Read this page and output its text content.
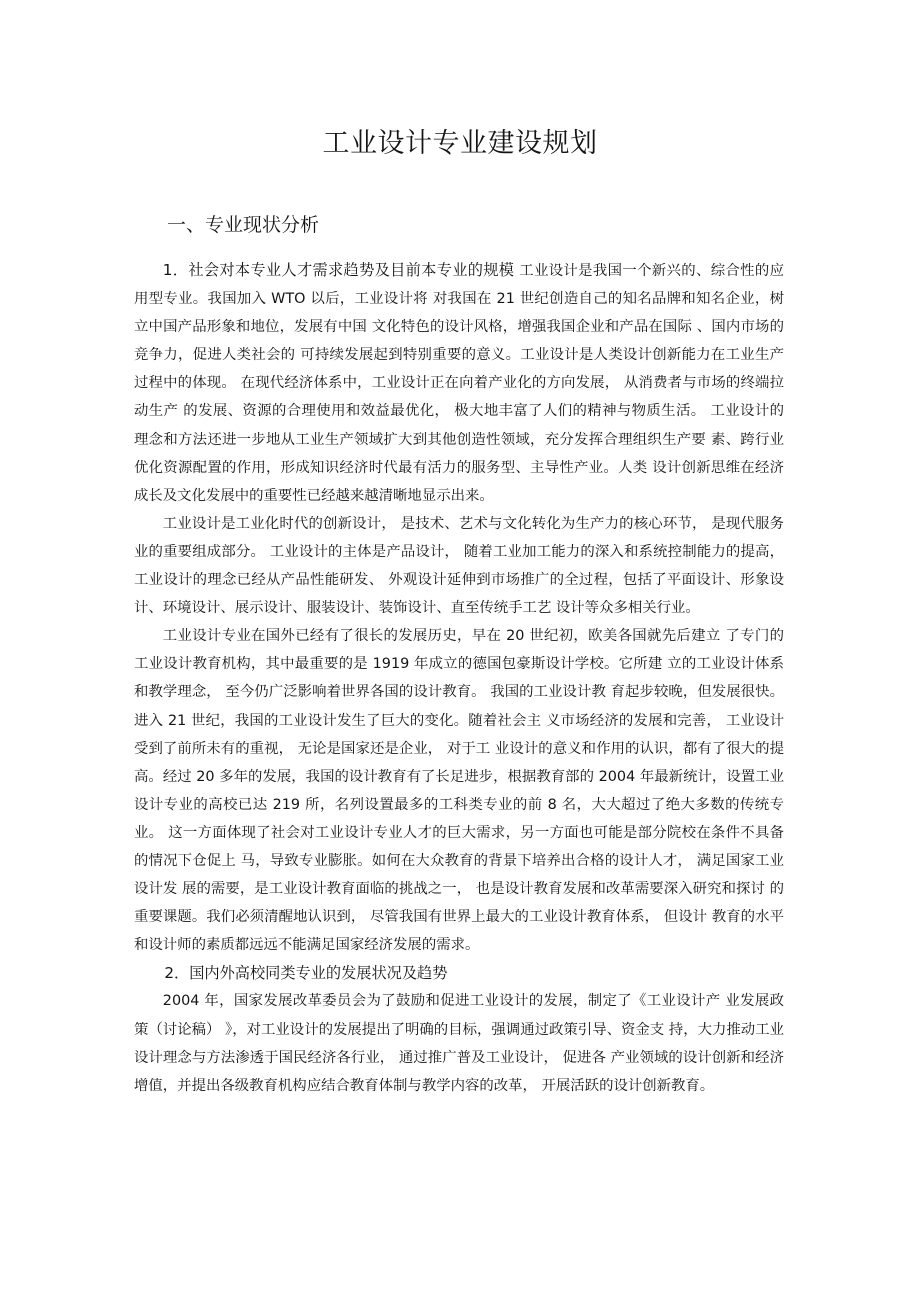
工业设计专业建设规划
一、专业现状分析

1．社会对本专业人才需求趋势及目前本专业的规模 工业设计是我国一个新兴的、综合性的应用型专业。我国加入 WTO 以后，工业设计将 对我国在 21 世纪创造自己的知名品牌和知名企业，树立中国产品形象和地位，发展有中国 文化特色的设计风格，增强我国企业和产品在国际 、国内市场的竞争力，促进人类社会的 可持续发展起到特别重要的意义。工业设计是人类设计创新能力在工业生产过程中的体现。 在现代经济体系中，工业设计正在向着产业化的方向发展， 从消费者与市场的终端拉动生产 的发展、资源的合理使用和效益最优化， 极大地丰富了人们的精神与物质生活。 工业设计的 理念和方法还进一步地从工业生产领域扩大到其他创造性领域，充分发挥合理组织生产要 素、跨行业优化资源配置的作用，形成知识经济时代最有活力的服务型、主导性产业。人类 设计创新思维在经济成长及文化发展中的重要性已经越来越清晰地显示出来。

工业设计是工业化时代的创新设计， 是技术、艺术与文化转化为生产力的核心环节， 是现代服务业的重要组成部分。 工业设计的主体是产品设计， 随着工业加工能力的深入和系统控制能力的提高，工业设计的理念已经从产品性能研发、 外观设计延伸到市场推广的全过程，包括了平面设计、形象设计、环境设计、展示设计、服装设计、装饰设计、直至传统手工艺 设计等众多相关行业。

工业设计专业在国外已经有了很长的发展历史，早在 20 世纪初，欧美各国就先后建立 了专门的工业设计教育机构，其中最重要的是 1919 年成立的德国包豪斯设计学校。它所建 立的工业设计体系和教学理念， 至今仍广泛影响着世界各国的设计教育。 我国的工业设计教 育起步较晚，但发展很快。进入 21 世纪，我国的工业设计发生了巨大的变化。随着社会主 义市场经济的发展和完善， 工业设计受到了前所未有的重视， 无论是国家还是企业， 对于工 业设计的意义和作用的认识，都有了很大的提高。经过 20 多年的发展，我国的设计教育有了长足进步，根据教育部的 2004 年最新统计，设置工业设计专业的高校已达 219 所，名列设置最多的工科类专业的前 8 名，大大超过了绝大多数的传统专业。 这一方面体现了社会对工业设计专业人才的巨大需求，另一方面也可能是部分院校在条件不具备的情况下仓促上 马，导致专业膨胀。如何在大众教育的背景下培养出合格的设计人才， 满足国家工业设计发 展的需要，是工业设计教育面临的挑战之一， 也是设计教育发展和改革需要深入研究和探讨 的重要课题。我们必须清醒地认识到， 尽管我国有世界上最大的工业设计教育体系， 但设计 教育的水平和设计师的素质都远远不能满足国家经济发展的需求。

2．国内外高校同类专业的发展状况及趋势

2004 年，国家发展改革委员会为了鼓励和促进工业设计的发展，制定了《工业设计产 业发展政策（讨论稿） 》，对工业设计的发展提出了明确的目标，强调通过政策引导、资金支 持，大力推动工业设计理念与方法渗透于国民经济各行业， 通过推广普及工业设计， 促进各 产业领域的设计创新和经济增值，并提出各级教育机构应结合教育体制与教学内容的改革， 开展活跃的设计创新教育。
